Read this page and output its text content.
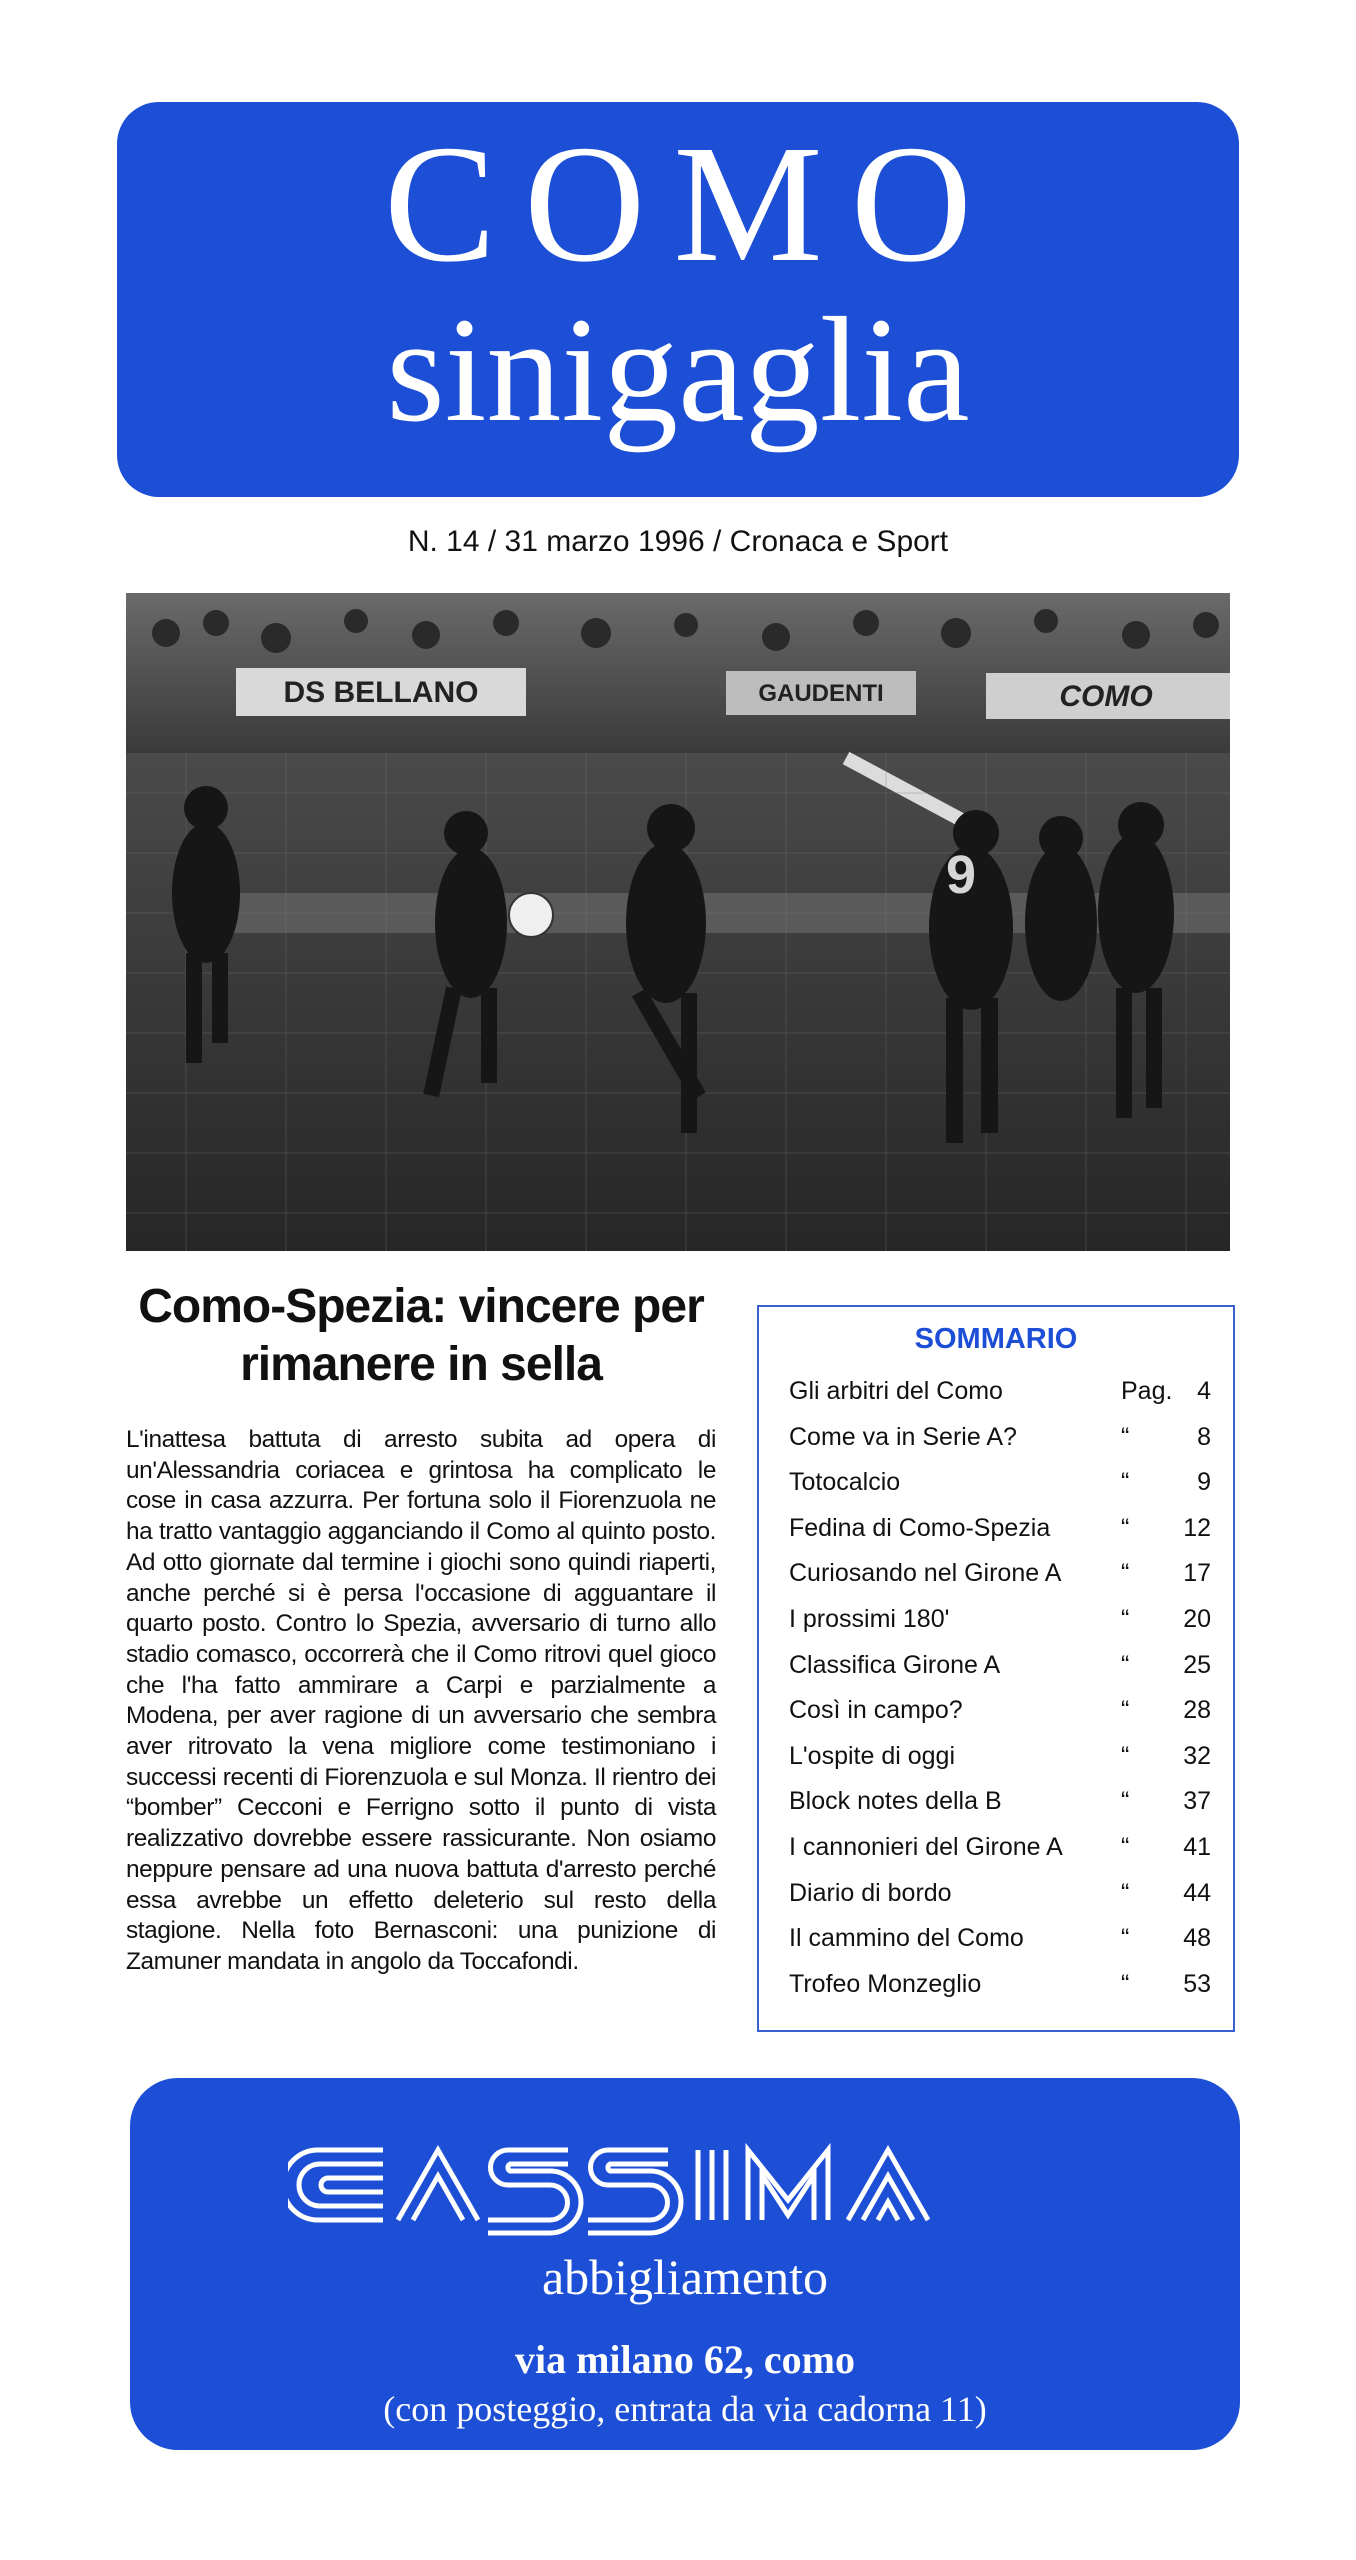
COMO
sinigaglia
N. 14 / 31 marzo 1996 / Cronaca e Sport
DS BELLANO	GAUDENTI	COMO
9
Como-Spezia: vincere per rimanere in sella
L'inattesa battuta di arresto subita ad opera di un'Alessandria coriacea e grintosa ha complicato le cose in casa azzurra. Per fortuna solo il Fiorenzuola ne ha tratto vantaggio agganciando il Como al quinto posto. Ad otto giornate dal termine i giochi sono quindi riaperti, anche perché si è persa l'occasione di agguantare il quarto posto. Contro lo Spezia, avversario di turno allo stadio comasco, occorrerà che il Como ritrovi quel gioco che l'ha fatto ammirare a Carpi e parzialmente a Modena, per aver ragione di un avversario che sembra aver ritrovato la vena migliore come testimoniano i successi recenti di Fiorenzuola e sul Monza. Il rientro dei “bomber” Cecconi e Ferrigno sotto il punto di vista realizzativo dovrebbe essere rassicurante. Non osiamo neppure pensare ad una nuova battuta d'arresto perché essa avrebbe un effetto deleterio sul resto della stagione. Nella foto Bernasconi: una punizione di Zamuner mandata in angolo da Toccafondi.
SOMMARIO
Gli arbitri del Como	Pag. 4
Come va in Serie A?	“	8
Totocalcio	“	9
Fedina di Como-Spezia	“ 12
Curiosando nel Girone A “ 17
I prossimi 180'	“ 20
Classifica Girone A	“ 25
Così in campo?	“ 28
L'ospite di oggi	“ 32
Block notes della B	“ 37
I cannonieri del Girone A “ 41
Diario di bordo	“ 44
Il cammino del Como	“ 48
Trofeo Monzeglio	“ 53
abbigliamento
via milano 62, como
(con posteggio, entrata da via cadorna 11)
